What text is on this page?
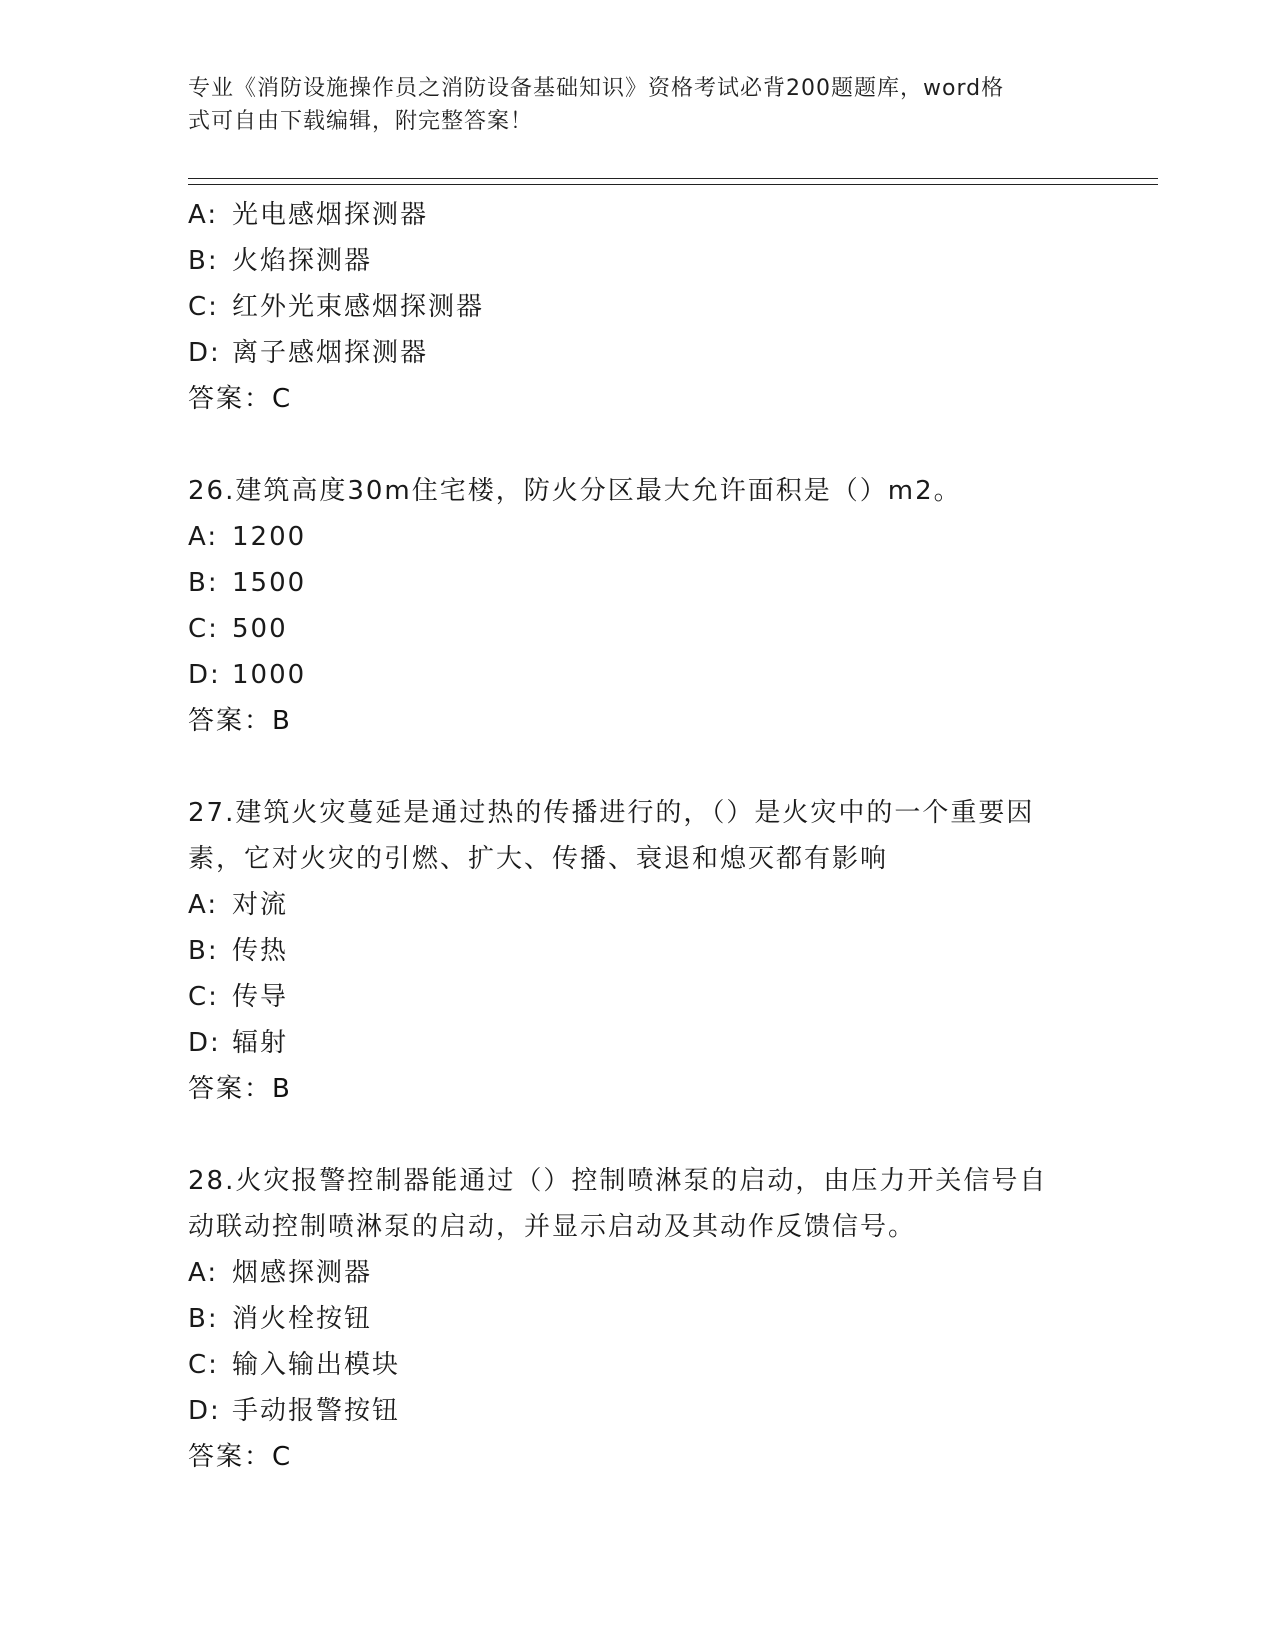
专业《消防设施操作员之消防设备基础知识》资格考试必背200题题库，word格
式可自由下载编辑，附完整答案！
A: 光电感烟探测器
B: 火焰探测器
C: 红外光束感烟探测器
D: 离子感烟探测器
答案：C
26.建筑高度30m住宅楼，防火分区最大允许面积是（）m2。
A: 1200
B: 1500
C: 500
D: 1000
答案：B
27.建筑火灾蔓延是通过热的传播进行的，（）是火灾中的一个重要因
素，它对火灾的引燃、扩大、传播、衰退和熄灭都有影响
A: 对流
B: 传热
C: 传导
D: 辐射
答案：B
28.火灾报警控制器能通过（）控制喷淋泵的启动，由压力开关信号自
动联动控制喷淋泵的启动，并显示启动及其动作反馈信号。
A: 烟感探测器
B: 消火栓按钮
C: 输入输出模块
D: 手动报警按钮
答案：C
